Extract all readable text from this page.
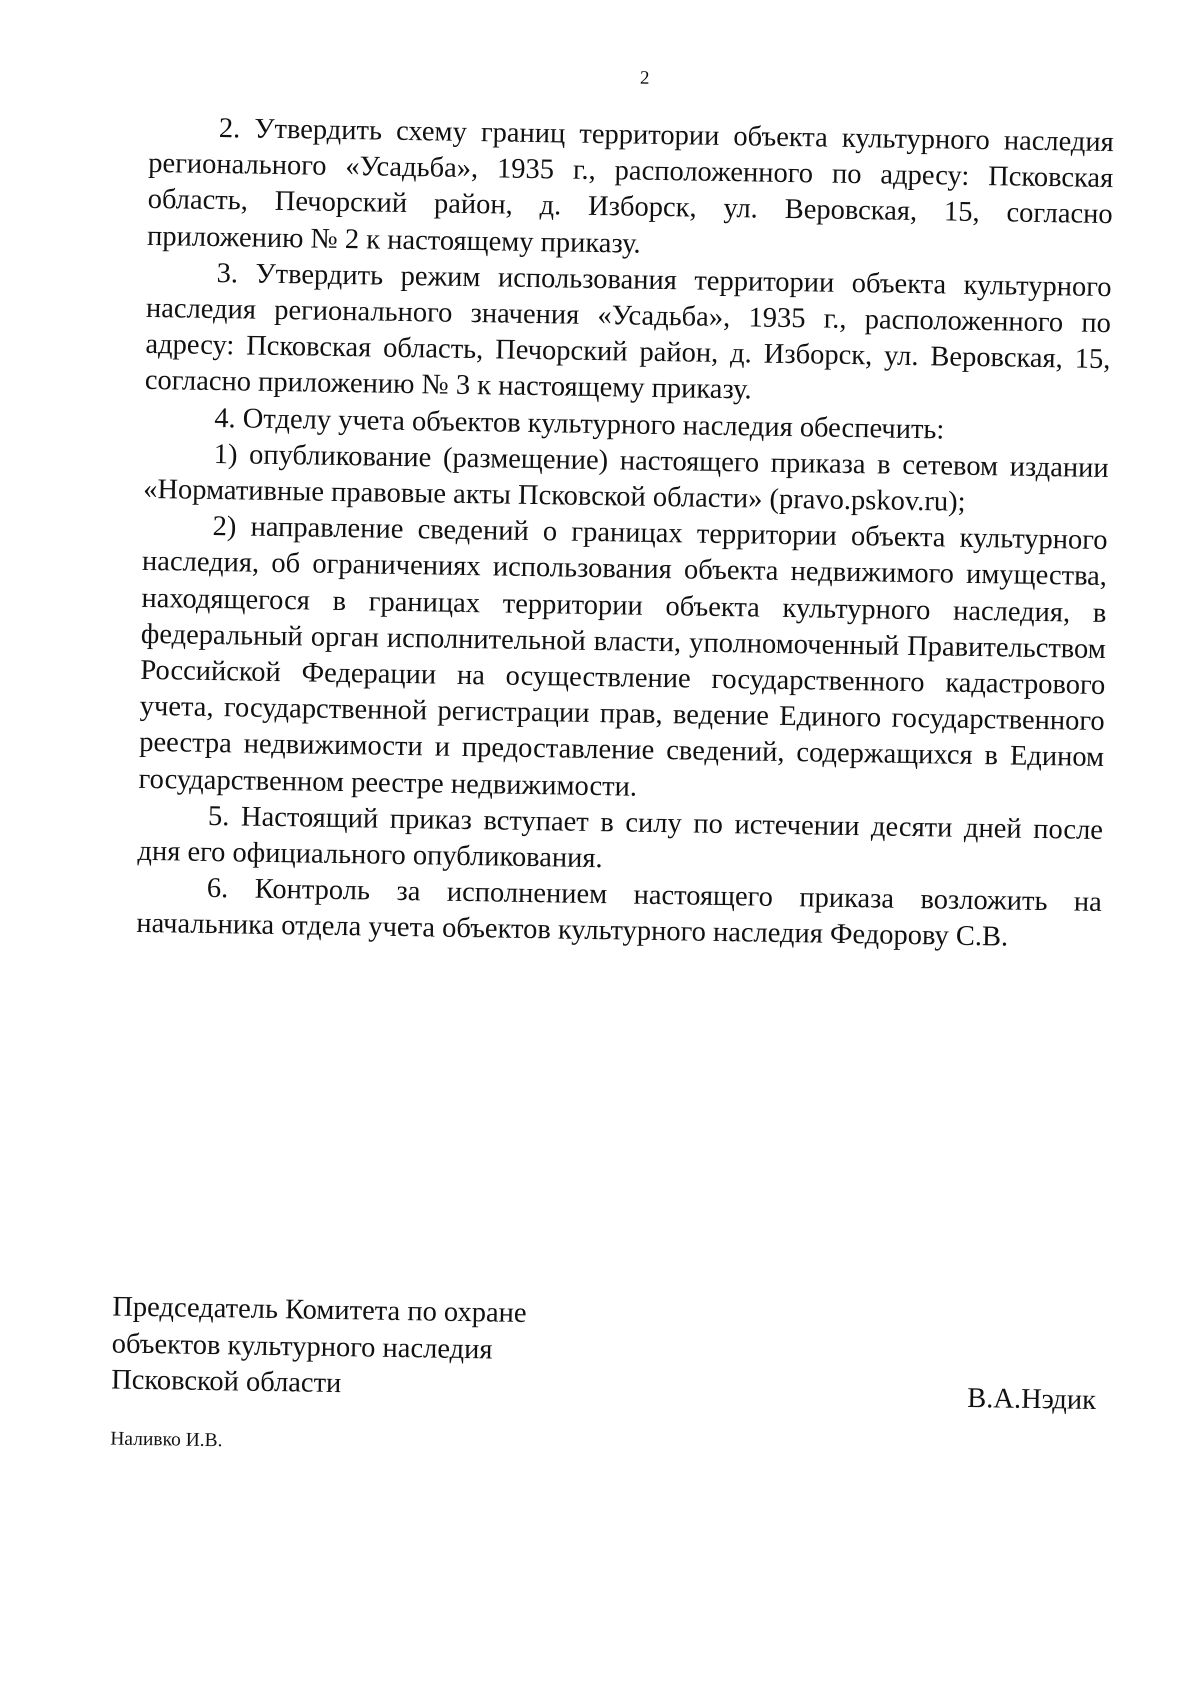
2

2. Утвердить схему границ территории объекта культурного наследия регионального «Усадьба», 1935 г., расположенного по адресу: Псковская область, Печорский район, д. Изборск, ул. Веровская, 15, согласно приложению № 2 к настоящему приказу.

3. Утвердить режим использования территории объекта культурного наследия регионального значения «Усадьба», 1935 г., расположенного по адресу: Псковская область, Печорский район, д. Изборск, ул. Веровская, 15, согласно приложению № 3 к настоящему приказу.

4. Отделу учета объектов культурного наследия обеспечить:

1) опубликование (размещение) настоящего приказа в сетевом издании «Нормативные правовые акты Псковской области» (pravo.pskov.ru);

2) направление сведений о границах территории объекта культурного наследия, об ограничениях использования объекта недвижимого имущества, находящегося в границах территории объекта культурного наследия, в федеральный орган исполнительной власти, уполномоченный Правительством Российской Федерации на осуществление государственного кадастрового учета, государственной регистрации прав, ведение Единого государственного реестра недвижимости и предоставление сведений, содержащихся в Едином государственном реестре недвижимости.

5. Настоящий приказ вступает в силу по истечении десяти дней после дня его официального опубликования.

6. Контроль за исполнением настоящего приказа возложить на начальника отдела учета объектов культурного наследия Федорову С.В.

Председатель Комитета по охране
объектов культурного наследия
Псковской области
В.А.Нэдик
Наливко И.В.
